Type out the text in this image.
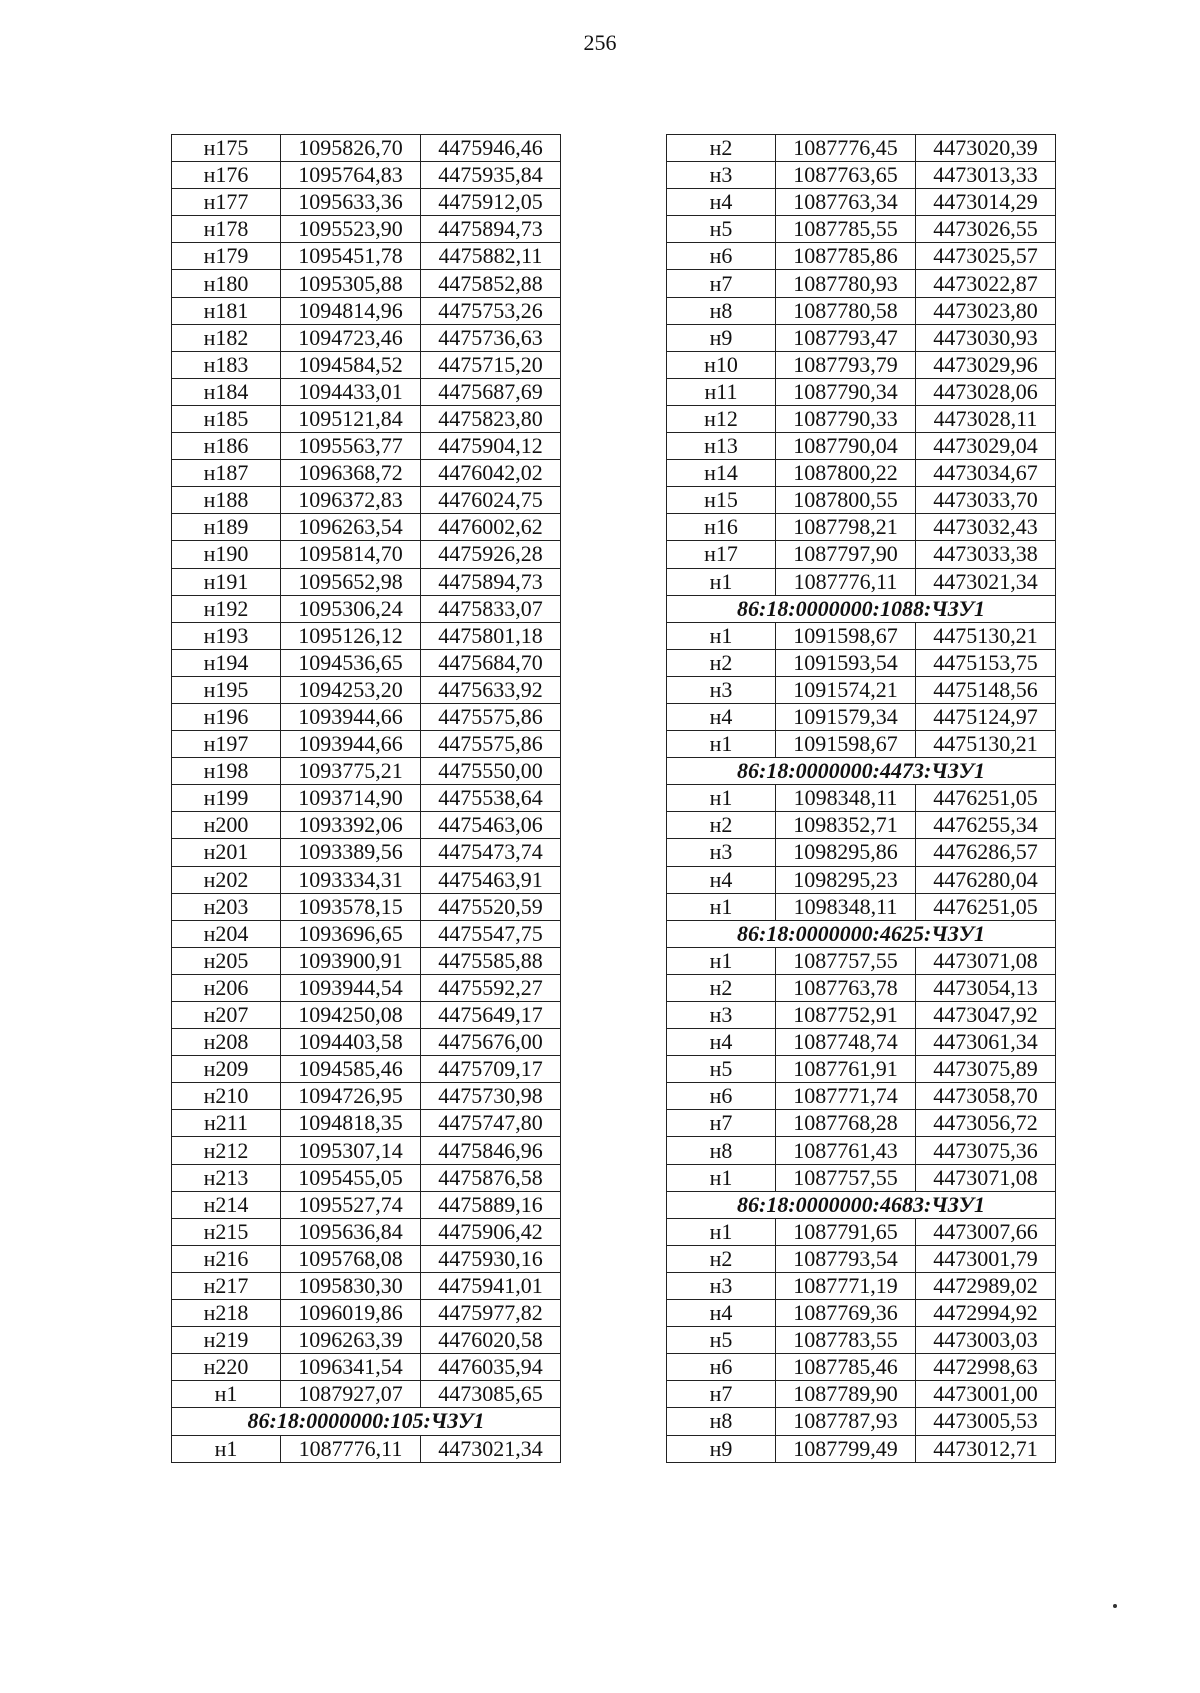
256
н175	1095826,70	4475946,46
н176	1095764,83	4475935,84
н177	1095633,36	4475912,05
н178	1095523,90	4475894,73
н179	1095451,78	4475882,11
н180	1095305,88	4475852,88
н181	1094814,96	4475753,26
н182	1094723,46	4475736,63
н183	1094584,52	4475715,20
н184	1094433,01	4475687,69
н185	1095121,84	4475823,80
н186	1095563,77	4475904,12
н187	1096368,72	4476042,02
н188	1096372,83	4476024,75
н189	1096263,54	4476002,62
н190	1095814,70	4475926,28
н191	1095652,98	4475894,73
н192	1095306,24	4475833,07
н193	1095126,12	4475801,18
н194	1094536,65	4475684,70
н195	1094253,20	4475633,92
н196	1093944,66	4475575,86
н197	1093944,66	4475575,86
н198	1093775,21	4475550,00
н199	1093714,90	4475538,64
н200	1093392,06	4475463,06
н201	1093389,56	4475473,74
н202	1093334,31	4475463,91
н203	1093578,15	4475520,59
н204	1093696,65	4475547,75
н205	1093900,91	4475585,88
н206	1093944,54	4475592,27
н207	1094250,08	4475649,17
н208	1094403,58	4475676,00
н209	1094585,46	4475709,17
н210	1094726,95	4475730,98
н211	1094818,35	4475747,80
н212	1095307,14	4475846,96
н213	1095455,05	4475876,58
н214	1095527,74	4475889,16
н215	1095636,84	4475906,42
н216	1095768,08	4475930,16
н217	1095830,30	4475941,01
н218	1096019,86	4475977,82
н219	1096263,39	4476020,58
н220	1096341,54	4476035,94
н1	1087927,07	4473085,65
86:18:0000000:105:ЧЗУ1		
н1	1087776,11	4473021,34
н2	1087776,45	4473020,39
н3	1087763,65	4473013,33
н4	1087763,34	4473014,29
н5	1087785,55	4473026,55
н6	1087785,86	4473025,57
н7	1087780,93	4473022,87
н8	1087780,58	4473023,80
н9	1087793,47	4473030,93
н10	1087793,79	4473029,96
н11	1087790,34	4473028,06
н12	1087790,33	4473028,11
н13	1087790,04	4473029,04
н14	1087800,22	4473034,67
н15	1087800,55	4473033,70
н16	1087798,21	4473032,43
н17	1087797,90	4473033,38
н1	1087776,11	4473021,34
86:18:0000000:1088:ЧЗУ1		
н1	1091598,67	4475130,21
н2	1091593,54	4475153,75
н3	1091574,21	4475148,56
н4	1091579,34	4475124,97
н1	1091598,67	4475130,21
86:18:0000000:4473:ЧЗУ1		
н1	1098348,11	4476251,05
н2	1098352,71	4476255,34
н3	1098295,86	4476286,57
н4	1098295,23	4476280,04
н1	1098348,11	4476251,05
86:18:0000000:4625:ЧЗУ1		
н1	1087757,55	4473071,08
н2	1087763,78	4473054,13
н3	1087752,91	4473047,92
н4	1087748,74	4473061,34
н5	1087761,91	4473075,89
н6	1087771,74	4473058,70
н7	1087768,28	4473056,72
н8	1087761,43	4473075,36
н1	1087757,55	4473071,08
86:18:0000000:4683:ЧЗУ1		
н1	1087791,65	4473007,66
н2	1087793,54	4473001,79
н3	1087771,19	4472989,02
н4	1087769,36	4472994,92
н5	1087783,55	4473003,03
н6	1087785,46	4472998,63
н7	1087789,90	4473001,00
н8	1087787,93	4473005,53
н9	1087799,49	4473012,71
